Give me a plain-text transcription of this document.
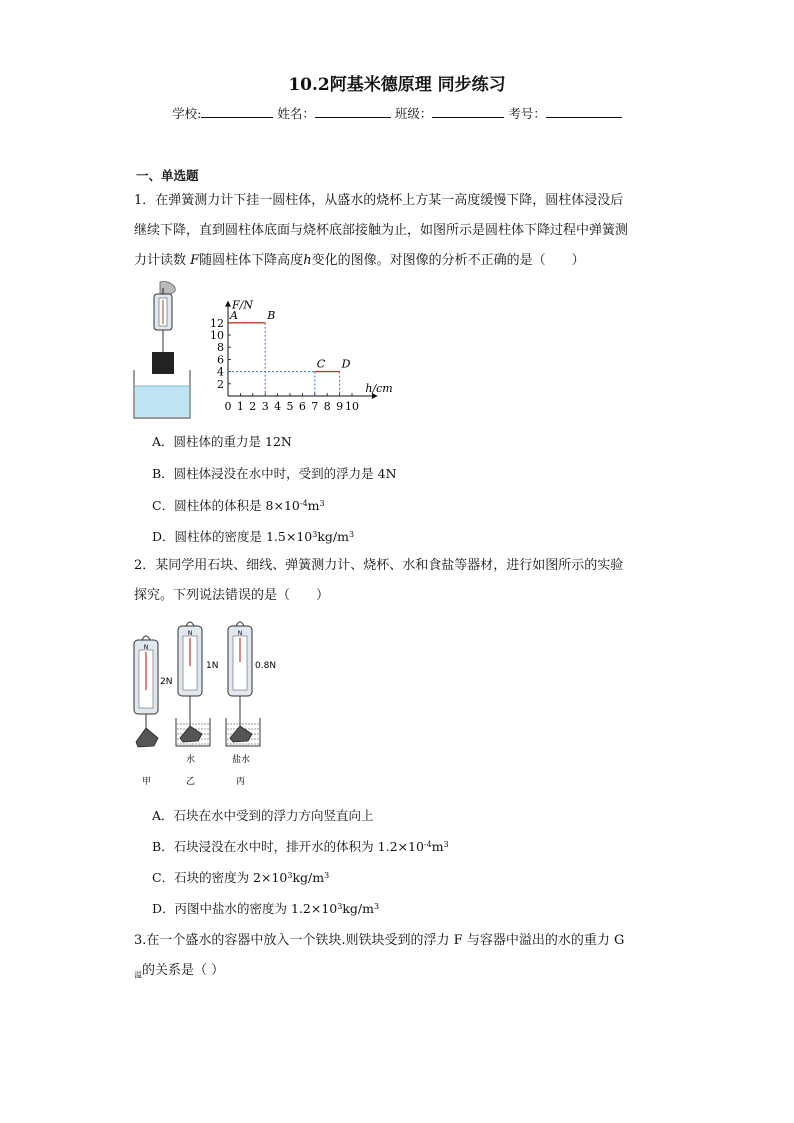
10.2阿基米德原理 同步练习
学校:	姓名：	班级：	考号：
一、单选题
1．在弹簧测力计下挂一圆柱体，从盛水的烧杯上方某一高度缓慢下降，圆柱体浸没后
继续下降，直到圆柱体底面与烧杯底部接触为止，如图所示是圆柱体下降过程中弹簧测
力计读数 F随圆柱体下降高度h变化的图像。对图像的分析不正确的是（　　）
F/N
h/cm
0 1 2 3 4 5 6 7 8 9 10
2
4
6
8
10
12
A	B
C D
A．圆柱体的重力是 12N
B．圆柱体浸没在水中时，受到的浮力是 4N
C．圆柱体的体积是 $8\times 10^{-4}m^3$
D．圆柱体的密度是 $1.5\times 10^3kg/m^3$
2．某同学用石块、细线、弹簧测力计、烧杯、水和食盐等器材，进行如图所示的实验
探究。下列说法错误的是（　　）
N
2N
甲
N
1N
水
乙
N
0.8N
盐水
丙
A．石块在水中受到的浮力方向竖直向上
B．石块浸没在水中时，排开水的体积为 $1.2\times 10^{-4}m^3$
C．石块的密度为 $2\times 10^3kg/m^3$
D．丙图中盐水的密度为 $1.2\times 10^3kg/m^3$
3.在一个盛水的容器中放入一个铁块.则铁块受到的浮力 F 与容器中溢出的水的重力 G
$_溢$的关系是（ ）
